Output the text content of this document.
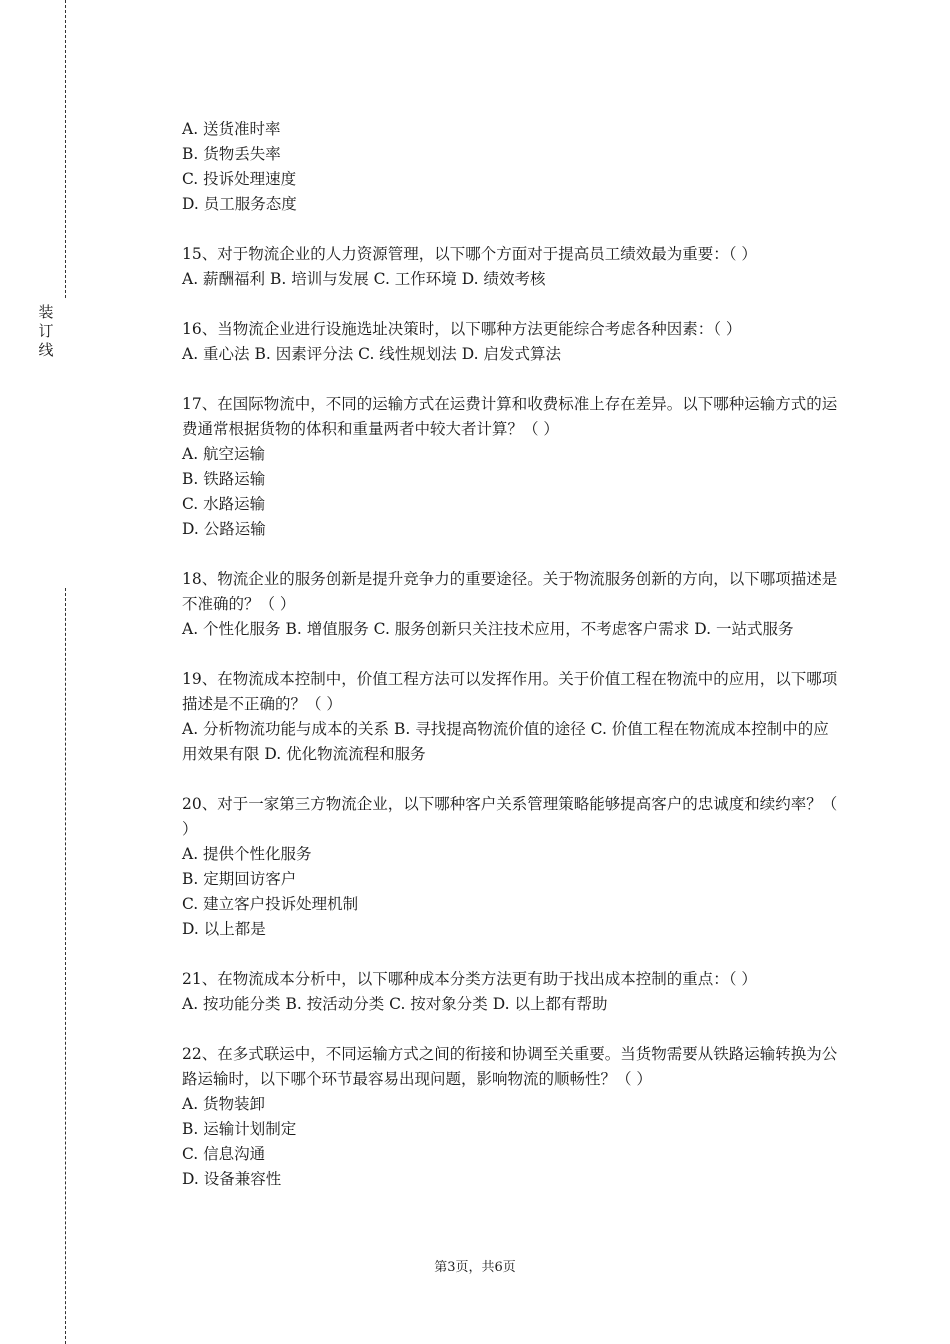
装
订
线

A. 送货准时率

B. 货物丢失率

C. 投诉处理速度

D. 员工服务态度

15、对于物流企业的人力资源管理，以下哪个方面对于提高员工绩效最为重要：（ ）

A. 薪酬福利 B. 培训与发展 C. 工作环境 D. 绩效考核

16、当物流企业进行设施选址决策时，以下哪种方法更能综合考虑各种因素：（ ）

A. 重心法 B. 因素评分法 C. 线性规划法 D. 启发式算法

17、在国际物流中，不同的运输方式在运费计算和收费标准上存在差异。以下哪种运输方式的运费通常根据货物的体积和重量两者中较大者计算？（ ）

A. 航空运输

B. 铁路运输

C. 水路运输

D. 公路运输

18、物流企业的服务创新是提升竞争力的重要途径。关于物流服务创新的方向，以下哪项描述是不准确的？（ ）

A. 个性化服务 B. 增值服务 C. 服务创新只关注技术应用，不考虑客户需求 D. 一站式服务

19、在物流成本控制中，价值工程方法可以发挥作用。关于价值工程在物流中的应用，以下哪项描述是不正确的？（ ）

A. 分析物流功能与成本的关系 B. 寻找提高物流价值的途径 C. 价值工程在物流成本控制中的应用效果有限 D. 优化物流流程和服务

20、对于一家第三方物流企业，以下哪种客户关系管理策略能够提高客户的忠诚度和续约率？（ ）

A. 提供个性化服务

B. 定期回访客户

C. 建立客户投诉处理机制

D. 以上都是

21、在物流成本分析中，以下哪种成本分类方法更有助于找出成本控制的重点：（ ）

A. 按功能分类 B. 按活动分类 C. 按对象分类 D. 以上都有帮助

22、在多式联运中，不同运输方式之间的衔接和协调至关重要。当货物需要从铁路运输转换为公路运输时，以下哪个环节最容易出现问题，影响物流的顺畅性？（ ）

A. 货物装卸

B. 运输计划制定

C. 信息沟通

D. 设备兼容性

第3页，共6页
